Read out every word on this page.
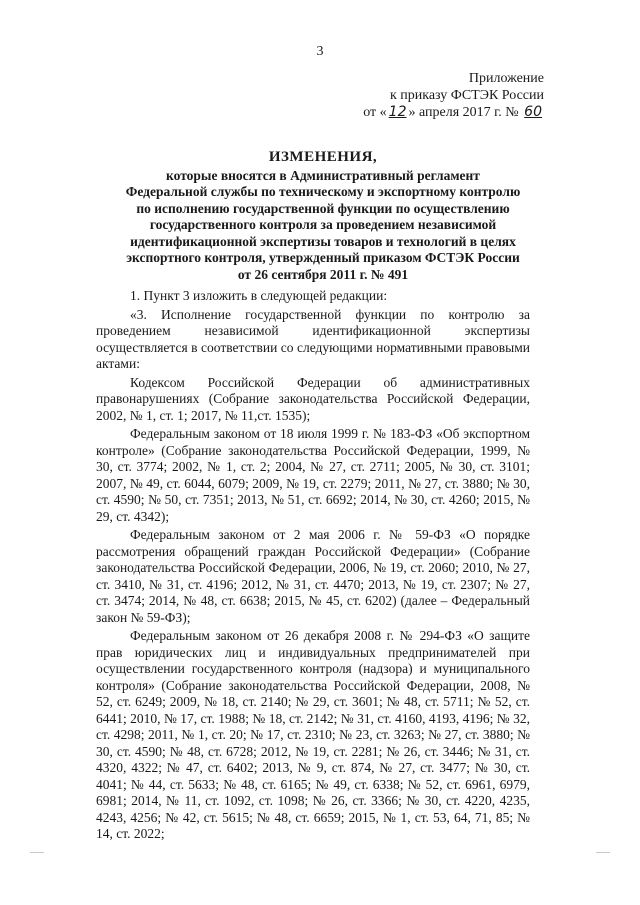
3
Приложение
к приказу ФСТЭК России
от « 12 » апреля 2017 г. № 60
ИЗМЕНЕНИЯ,
которые вносятся в Административный регламент
Федеральной службы по техническому и экспортному контролю
по исполнению государственной функции по осуществлению
государственного контроля за проведением независимой
идентификационной экспертизы товаров и технологий в целях
экспортного контроля, утвержденный приказом ФСТЭК России
от 26 сентября 2011 г. № 491

1. Пункт 3 изложить в следующей редакции:

«3. Исполнение государственной функции по контролю за проведением независимой идентификационной экспертизы осуществляется в соответствии со следующими нормативными правовыми актами:

Кодексом Российской Федерации об административных правонарушениях (Собрание законодательства Российской Федерации, 2002, № 1, ст. 1; 2017, № 11,ст. 1535);

Федеральным законом от 18 июля 1999 г. № 183-ФЗ «Об экспортном контроле» (Собрание законодательства Российской Федерации, 1999, № 30, ст. 3774; 2002, № 1, ст. 2; 2004, № 27, ст. 2711; 2005, № 30, ст. 3101; 2007, № 49, ст. 6044, 6079; 2009, № 19, ст. 2279; 2011, № 27, ст. 3880; № 30, ст. 4590; № 50, ст. 7351; 2013, № 51, ст. 6692; 2014, № 30, ст. 4260; 2015, № 29, ст. 4342);

Федеральным законом от 2 мая 2006 г. № 59-ФЗ «О порядке рассмотрения обращений граждан Российской Федерации» (Собрание законодательства Российской Федерации, 2006, № 19, ст. 2060; 2010, № 27, ст. 3410, № 31, ст. 4196; 2012, № 31, ст. 4470; 2013, № 19, ст. 2307; № 27, ст. 3474; 2014, № 48, ст. 6638; 2015, № 45, ст. 6202) (далее – Федеральный закон № 59-ФЗ);

Федеральным законом от 26 декабря 2008 г. № 294-ФЗ «О защите прав юридических лиц и индивидуальных предпринимателей при осуществлении государственного контроля (надзора) и муниципального контроля» (Собрание законодательства Российской Федерации, 2008, № 52, ст. 6249; 2009, № 18, ст. 2140; № 29, ст. 3601; № 48, ст. 5711; № 52, ст. 6441; 2010, № 17, ст. 1988; № 18, ст. 2142; № 31, ст. 4160, 4193, 4196; № 32, ст. 4298; 2011, № 1, ст. 20; № 17, ст. 2310; № 23, ст. 3263; № 27, ст. 3880; № 30, ст. 4590; № 48, ст. 6728; 2012, № 19, ст. 2281; № 26, ст. 3446; № 31, ст. 4320, 4322; № 47, ст. 6402; 2013, № 9, ст. 874, № 27, ст. 3477; № 30, ст. 4041; № 44, ст. 5633; № 48, ст. 6165; № 49, ст. 6338; № 52, ст. 6961, 6979, 6981; 2014, № 11, ст. 1092, ст. 1098; № 26, ст. 3366; № 30, ст. 4220, 4235, 4243, 4256; № 42, ст. 5615; № 48, ст. 6659; 2015, № 1, ст. 53, 64, 71, 85; № 14, ст. 2022;
